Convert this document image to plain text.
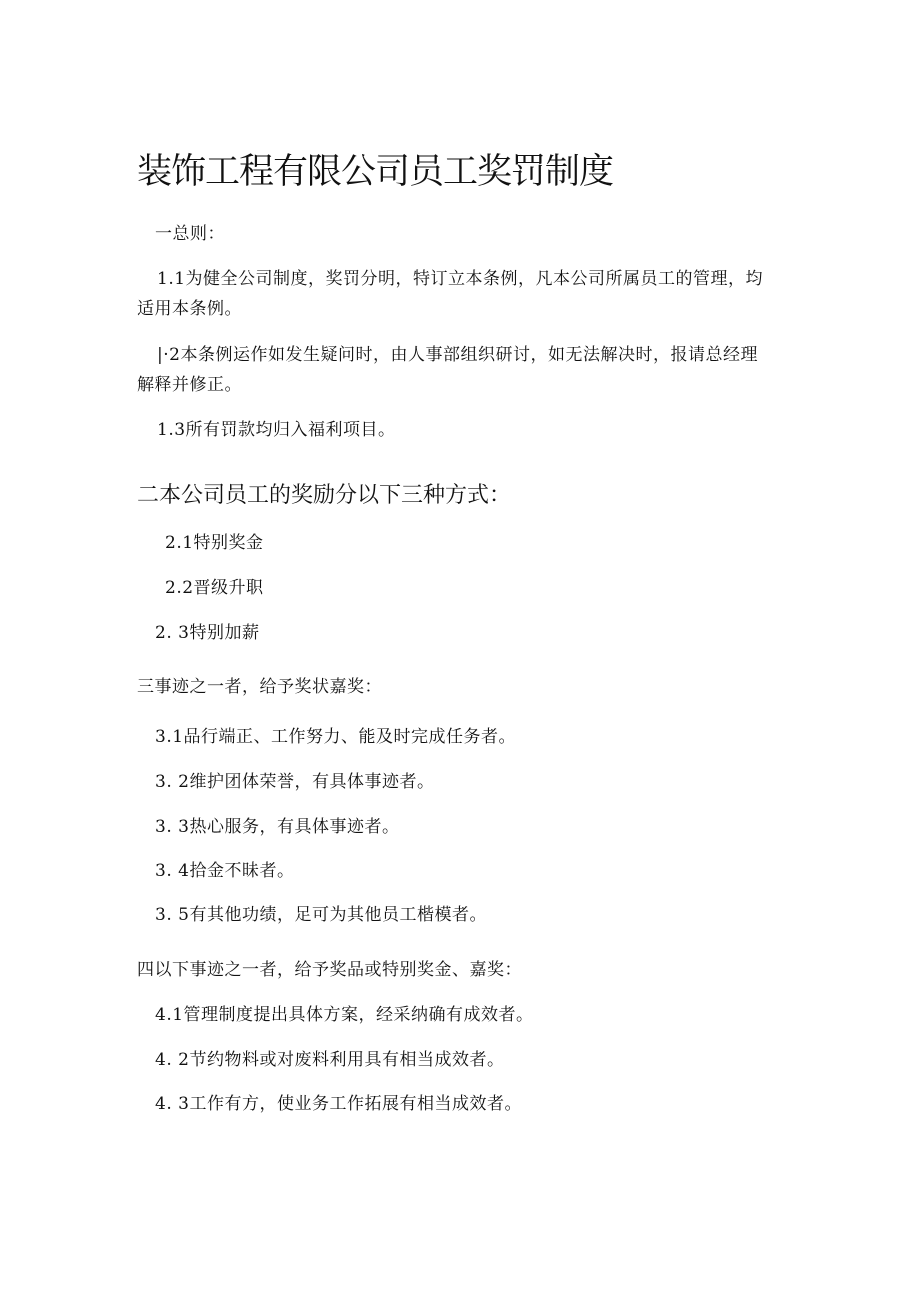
装饰工程有限公司员工奖罚制度
一总则：
1.1为健全公司制度，奖罚分明，特订立本条例，凡本公司所属员工的管理，均
适用本条例。
|·2本条例运作如发生疑问时，由人事部组织研讨，如无法解决时，报请总经理
解释并修正。
1.3所有罚款均归入福利项目。
二本公司员工的奖励分以下三种方式：
2.1特别奖金
2.2晋级升职
2. 3特别加薪
三事迹之一者，给予奖状嘉奖：
3.1品行端正、工作努力、能及时完成任务者。
3. 2维护团体荣誉，有具体事迹者。
3. 3热心服务，有具体事迹者。
3. 4拾金不昧者。
3. 5有其他功绩，足可为其他员工楷模者。
四以下事迹之一者，给予奖品或特别奖金、嘉奖：
4.1管理制度提出具体方案，经采纳确有成效者。
4. 2节约物料或对废料利用具有相当成效者。
4. 3工作有方，使业务工作拓展有相当成效者。
